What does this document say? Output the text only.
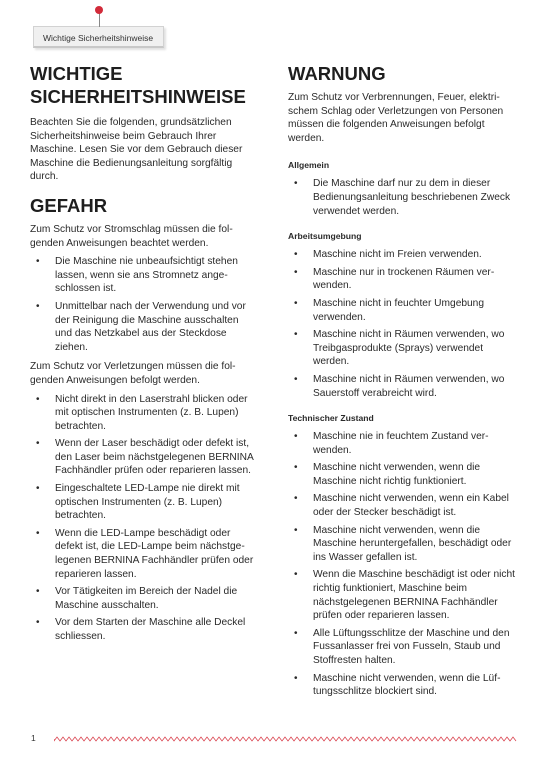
Wichtige Sicherheitshinweise
WICHTIGE
SICHERHEITSHINWEISE

Beachten Sie die folgenden, grundsätzlichen Sicherheitshinweise beim Gebrauch Ihrer Maschine. Lesen Sie vor dem Gebrauch dieser Maschine die Bedienungsanleitung sorgfältig durch.

GEFAHR

Zum Schutz vor Stromschlag müssen die folgenden Anweisungen beachtet werden.

• Die Maschine nie unbeaufsichtigt stehen lassen, wenn sie ans Stromnetz angeschlossen ist.
• Unmittelbar nach der Verwendung und vor der Reinigung die Maschine ausschalten und das Netzkabel aus der Steckdose ziehen.

Zum Schutz vor Verletzungen müssen die folgenden Anweisungen befolgt werden.

• Nicht direkt in den Laserstrahl blicken oder mit optischen Instrumenten (z. B. Lupen) betrachten.
• Wenn der Laser beschädigt oder defekt ist, den Laser beim nächstgelegenen BERNINA Fachhändler prüfen oder reparieren lassen.
• Eingeschaltete LED-Lampe nie direkt mit optischen Instrumenten (z. B. Lupen) betrachten.
• Wenn die LED-Lampe beschädigt oder defekt ist, die LED-Lampe beim nächstgelegenen BERNINA Fachhändler prüfen oder reparieren lassen.
• Vor Tätigkeiten im Bereich der Nadel die Maschine ausschalten.
• Vor dem Starten der Maschine alle Deckel schliessen.
WARNUNG

Zum Schutz vor Verbrennungen, Feuer, elektrischem Schlag oder Verletzungen von Personen müssen die folgenden Anweisungen befolgt werden.

Allgemein
• Die Maschine darf nur zu dem in dieser Bedienungsanleitung beschriebenen Zweck verwendet werden.
Arbeitsumgebung
• Maschine nicht im Freien verwenden.
• Maschine nur in trockenen Räumen verwenden.
• Maschine nicht in feuchter Umgebung verwenden.
• Maschine nicht in Räumen verwenden, wo Treibgasprodukte (Sprays) verwendet werden.
• Maschine nicht in Räumen verwenden, wo Sauerstoff verabreicht wird.
Technischer Zustand
• Maschine nie in feuchtem Zustand verwenden.
• Maschine nicht verwenden, wenn die Maschine nicht richtig funktioniert.
• Maschine nicht verwenden, wenn ein Kabel oder der Stecker beschädigt ist.
• Maschine nicht verwenden, wenn die Maschine heruntergefallen, beschädigt oder ins Wasser gefallen ist.
• Wenn die Maschine beschädigt ist oder nicht richtig funktioniert, Maschine beim nächstgelegenen BERNINA Fachhändler prüfen oder reparieren lassen.
• Alle Lüftungsschlitze der Maschine und den Fussanlasser frei von Fusseln, Staub und Stoffresten halten.
• Maschine nicht verwenden, wenn die Lüftungsschlitze blockiert sind.
1
